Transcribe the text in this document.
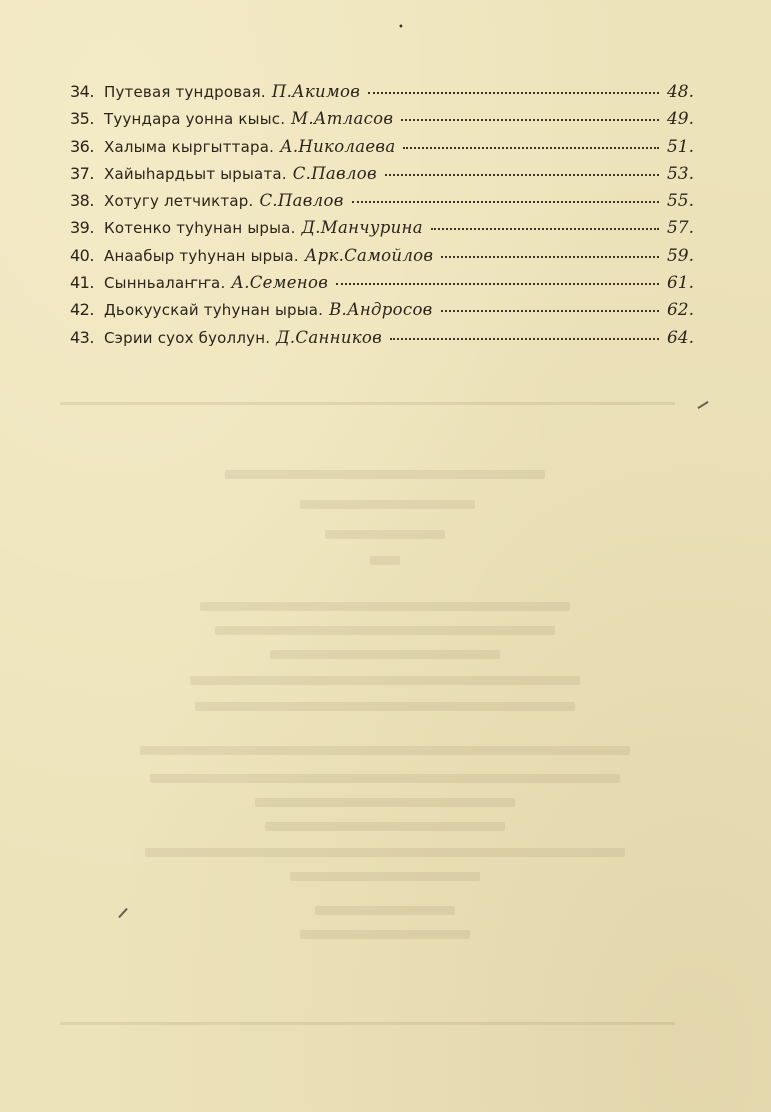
34. Путевая тундровая. П.Акимов	48.
35. Туундара уонна кыыс. М.Атласов	49.
36. Халыма кыргыттара. А.Николаева	51.
37. Хайыһардьыт ырыата. С.Павлов	53.
38. Хотугу летчиктар. С.Павлов	55.
39. Котенко туһунан ырыа. Д.Манчурина	57.
40. Анаабыр туһунан ырыа. Арк.Самойлов	59.
41. Сынньалаҥҥа. А.Семенов	61.
42. Дьокуускай туһунан ырыа. В.Андросов	62.
43. Сэрии суох буоллун. Д.Санников	64.
•
